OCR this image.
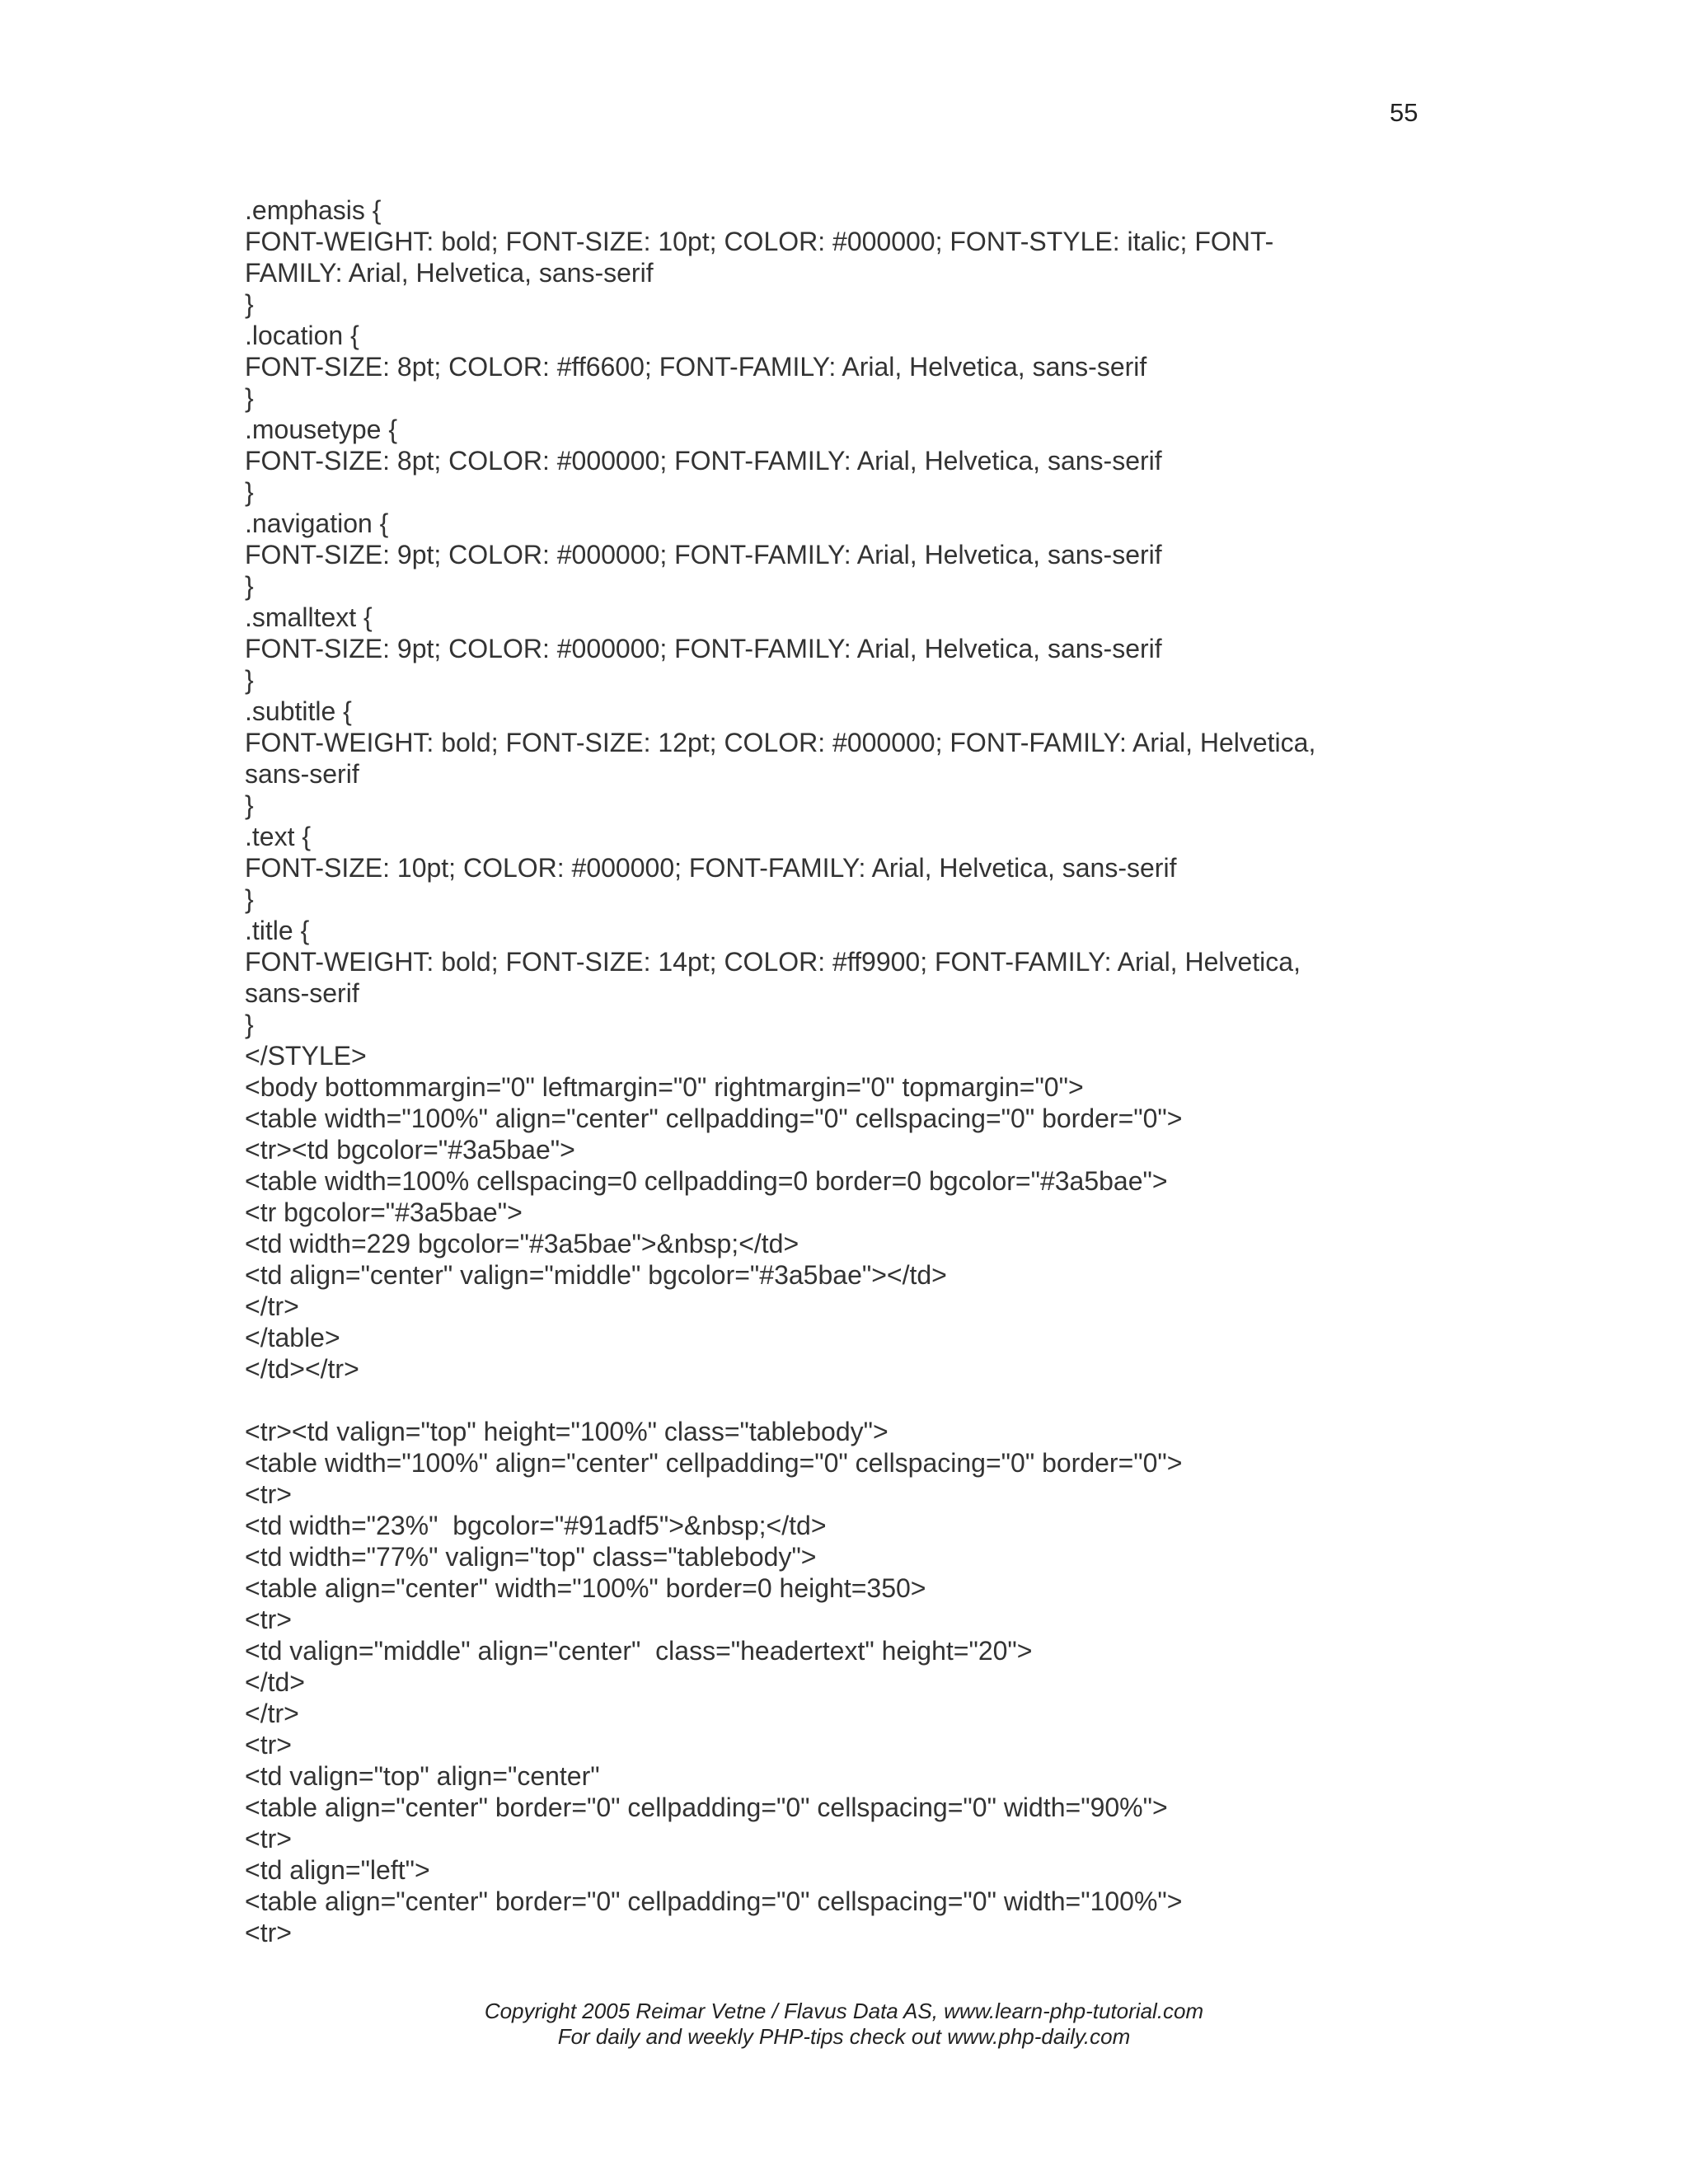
55
.emphasis {
FONT-WEIGHT: bold; FONT-SIZE: 10pt; COLOR: #000000; FONT-STYLE: italic; FONT-
FAMILY: Arial, Helvetica, sans-serif
}
.location {
FONT-SIZE: 8pt; COLOR: #ff6600; FONT-FAMILY: Arial, Helvetica, sans-serif
}
.mousetype {
FONT-SIZE: 8pt; COLOR: #000000; FONT-FAMILY: Arial, Helvetica, sans-serif
}
.navigation {
FONT-SIZE: 9pt; COLOR: #000000; FONT-FAMILY: Arial, Helvetica, sans-serif
}
.smalltext {
FONT-SIZE: 9pt; COLOR: #000000; FONT-FAMILY: Arial, Helvetica, sans-serif
}
.subtitle {
FONT-WEIGHT: bold; FONT-SIZE: 12pt; COLOR: #000000; FONT-FAMILY: Arial, Helvetica,
sans-serif
}
.text {
FONT-SIZE: 10pt; COLOR: #000000; FONT-FAMILY: Arial, Helvetica, sans-serif
}
.title {
FONT-WEIGHT: bold; FONT-SIZE: 14pt; COLOR: #ff9900; FONT-FAMILY: Arial, Helvetica,
sans-serif
}
</STYLE>
<body bottommargin="0" leftmargin="0" rightmargin="0" topmargin="0">
<table width="100%" align="center" cellpadding="0" cellspacing="0" border="0">
<tr><td bgcolor="#3a5bae">
<table width=100% cellspacing=0 cellpadding=0 border=0 bgcolor="#3a5bae">
<tr bgcolor="#3a5bae">
<td width=229 bgcolor="#3a5bae">&nbsp;</td>
<td align="center" valign="middle" bgcolor="#3a5bae"></td>
</tr>
</table>
</td></tr>
<tr><td valign="top" height="100%" class="tablebody">
<table width="100%" align="center" cellpadding="0" cellspacing="0" border="0">
<tr>
<td width="23%"  bgcolor="#91adf5">&nbsp;</td>
<td width="77%" valign="top" class="tablebody">
<table align="center" width="100%" border=0 height=350>
<tr>
<td valign="middle" align="center"  class="headertext" height="20">
</td>
</tr>
<tr>
<td valign="top" align="center"
<table align="center" border="0" cellpadding="0" cellspacing="0" width="90%">
<tr>
<td align="left">
<table align="center" border="0" cellpadding="0" cellspacing="0" width="100%">
<tr>
Copyright 2005 Reimar Vetne / Flavus Data AS, www.learn-php-tutorial.com
For daily and weekly PHP-tips check out www.php-daily.com
